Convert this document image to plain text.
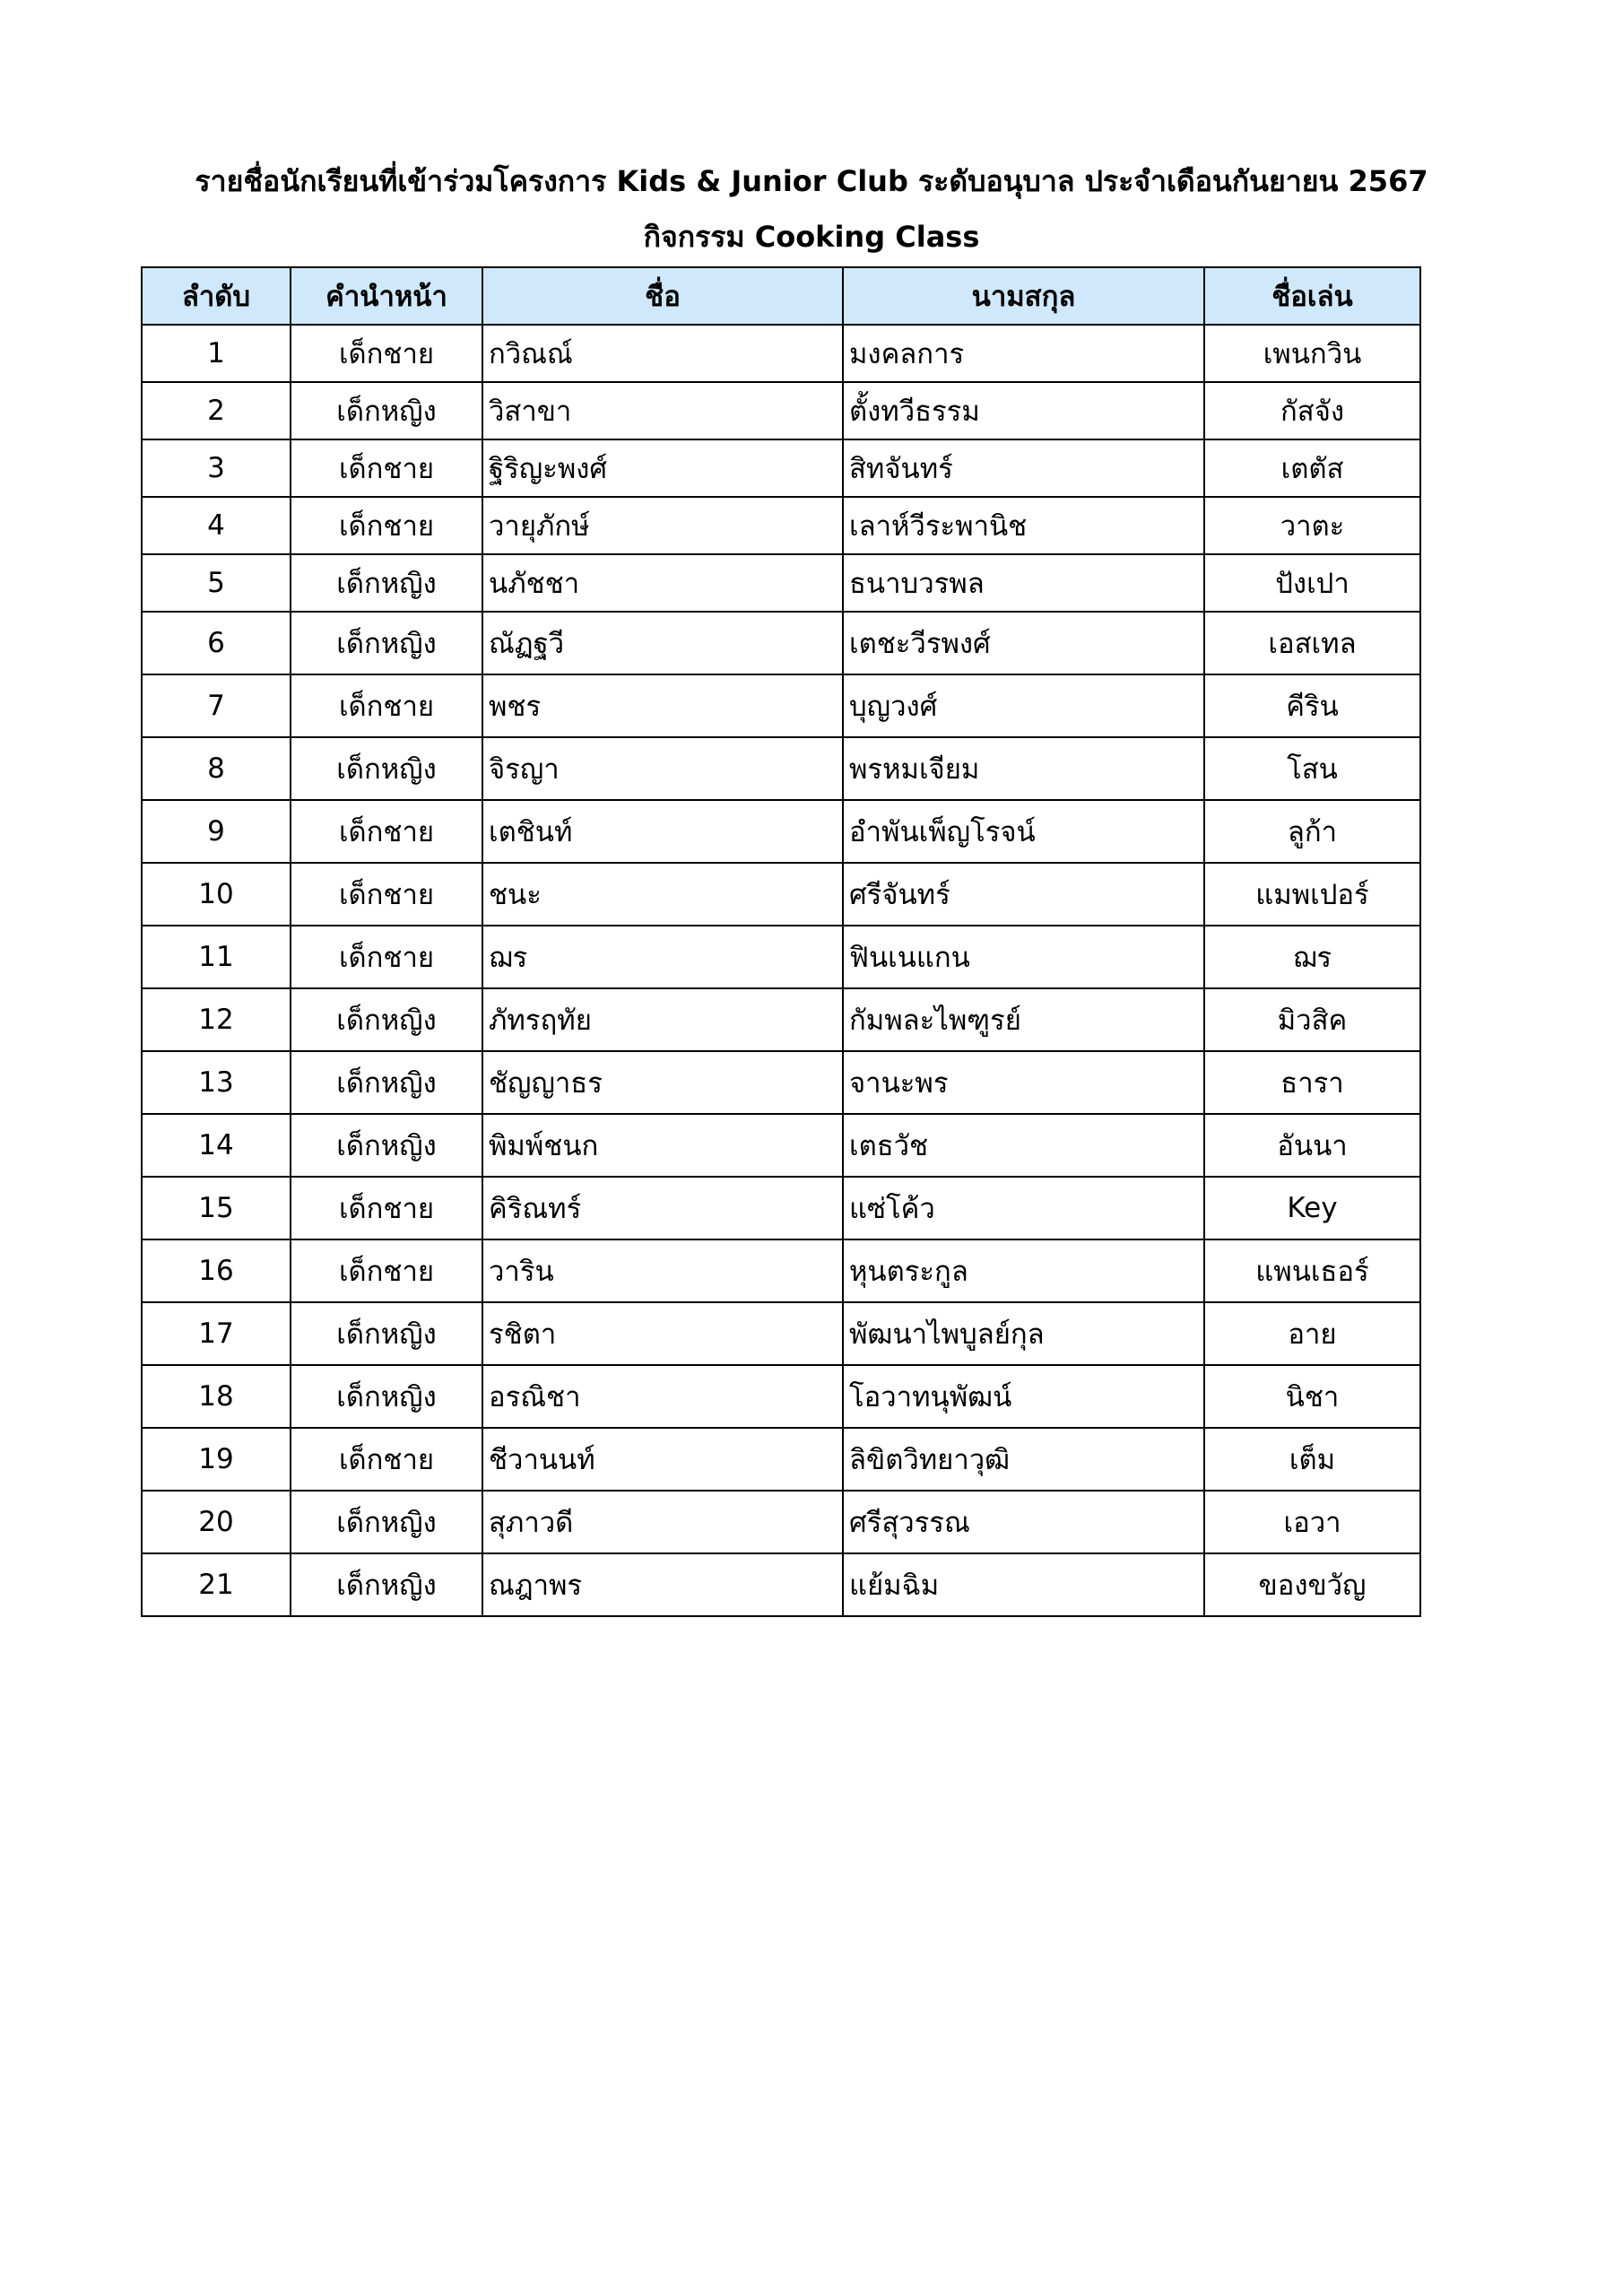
รายชื่อนักเรียนที่เข้าร่วมโครงการ Kids & Junior Club ระดับอนุบาล ประจำเดือนกันยายน 2567
กิจกรรม Cooking Class
ลำดับ	คำนำหน้า	ชื่อ	นามสกุล	ชื่อเล่น
1	เด็กชาย	กวิณณ์	มงคลการ	เพนกวิน
2	เด็กหญิง	วิสาขา	ตั้งทวีธรรม	กัสจัง
3	เด็กชาย	ฐิริญะพงศ์	สิทจันทร์	เตตัส
4	เด็กชาย	วายุภักษ์	เลาห์วีระพานิช	วาตะ
5	เด็กหญิง	นภัชชา	ธนาบวรพล	ปังเปา
6	เด็กหญิง	ณัฏฐวี	เตชะวีรพงศ์	เอสเทล
7	เด็กชาย	พชร	บุญวงศ์	คีริน
8	เด็กหญิง	จิรญา	พรหมเจียม	โสน
9	เด็กชาย	เตชินท์	อำพันเพ็ญโรจน์	ลูก้า
10	เด็กชาย	ชนะ	ศรีจันทร์	แมพเปอร์
11	เด็กชาย	ฌร	ฟินเนแกน	ฌร
12	เด็กหญิง	ภัทรฤทัย	กัมพละไพฑูรย์	มิวสิค
13	เด็กหญิง	ชัญญาธร	จานะพร	ธารา
14	เด็กหญิง	พิมพ์ชนก	เตธวัช	อันนา
15	เด็กชาย	คิริณทร์	แซ่โค้ว	Key
16	เด็กชาย	วาริน	หุนตระกูล	แพนเธอร์
17	เด็กหญิง	รชิตา	พัฒนาไพบูลย์กุล	อาย
18	เด็กหญิง	อรณิชา	โอวาทนุพัฒน์	นิชา
19	เด็กชาย	ชีวานนท์	ลิขิตวิทยาวุฒิ	เต็ม
20	เด็กหญิง	สุภาวดี	ศรีสุวรรณ	เอวา
21	เด็กหญิง	ณฎาพร	แย้มฉิม	ของขวัญ
